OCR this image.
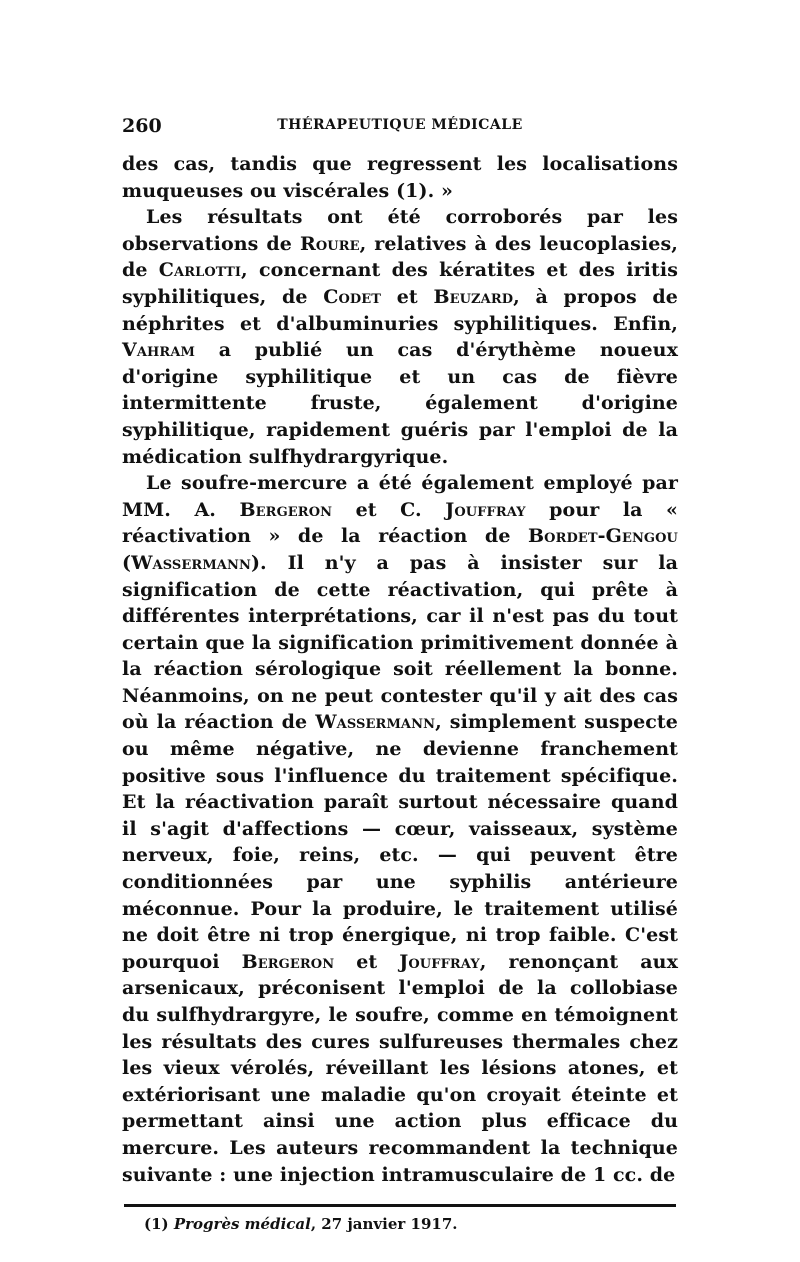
260	THÉRAPEUTIQUE MÉDICALE

des cas, tandis que regressent les localisations muqueuses ou viscérales (1). »

Les résultats ont été corroborés par les observations de Roure, relatives à des leucoplasies, de Carlotti, concernant des kératites et des iritis syphilitiques, de Codet et Beuzard, à propos de néphrites et d'albuminuries syphilitiques. Enfin, Vahram a publié un cas d'érythème noueux d'origine syphilitique et un cas de fièvre intermittente fruste, également d'origine syphilitique, rapidement guéris par l'emploi de la médication sulfhydrargyrique.

Le soufre-mercure a été également employé par MM. A. Bergeron et C. Jouffray pour la « réactivation » de la réaction de Bordet-Gengou (Wassermann). Il n'y a pas à insister sur la signification de cette réactivation, qui prête à différentes interprétations, car il n'est pas du tout certain que la signification primitivement donnée à la réaction sérologique soit réellement la bonne. Néanmoins, on ne peut contester qu'il y ait des cas où la réaction de Wassermann, simplement suspecte ou même négative, ne devienne franchement positive sous l'influence du traitement spécifique. Et la réactivation paraît surtout nécessaire quand il s'agit d'affections — cœur, vaisseaux, système nerveux, foie, reins, etc. — qui peuvent être conditionnées par une syphilis antérieure méconnue. Pour la produire, le traitement utilisé ne doit être ni trop énergique, ni trop faible. C'est pourquoi Bergeron et Jouffray, renonçant aux arsenicaux, préconisent l'emploi de la collobiase du sulfhydrargyre, le soufre, comme en témoignent les résultats des cures sulfureuses thermales chez les vieux vérolés, réveillant les lésions atones, et extériorisant une maladie qu'on croyait éteinte et permettant ainsi une action plus efficace du mercure. Les auteurs recommandent la technique suivante : une injection intramusculaire de 1 cc. de

(1) Progrès médical, 27 janvier 1917.
